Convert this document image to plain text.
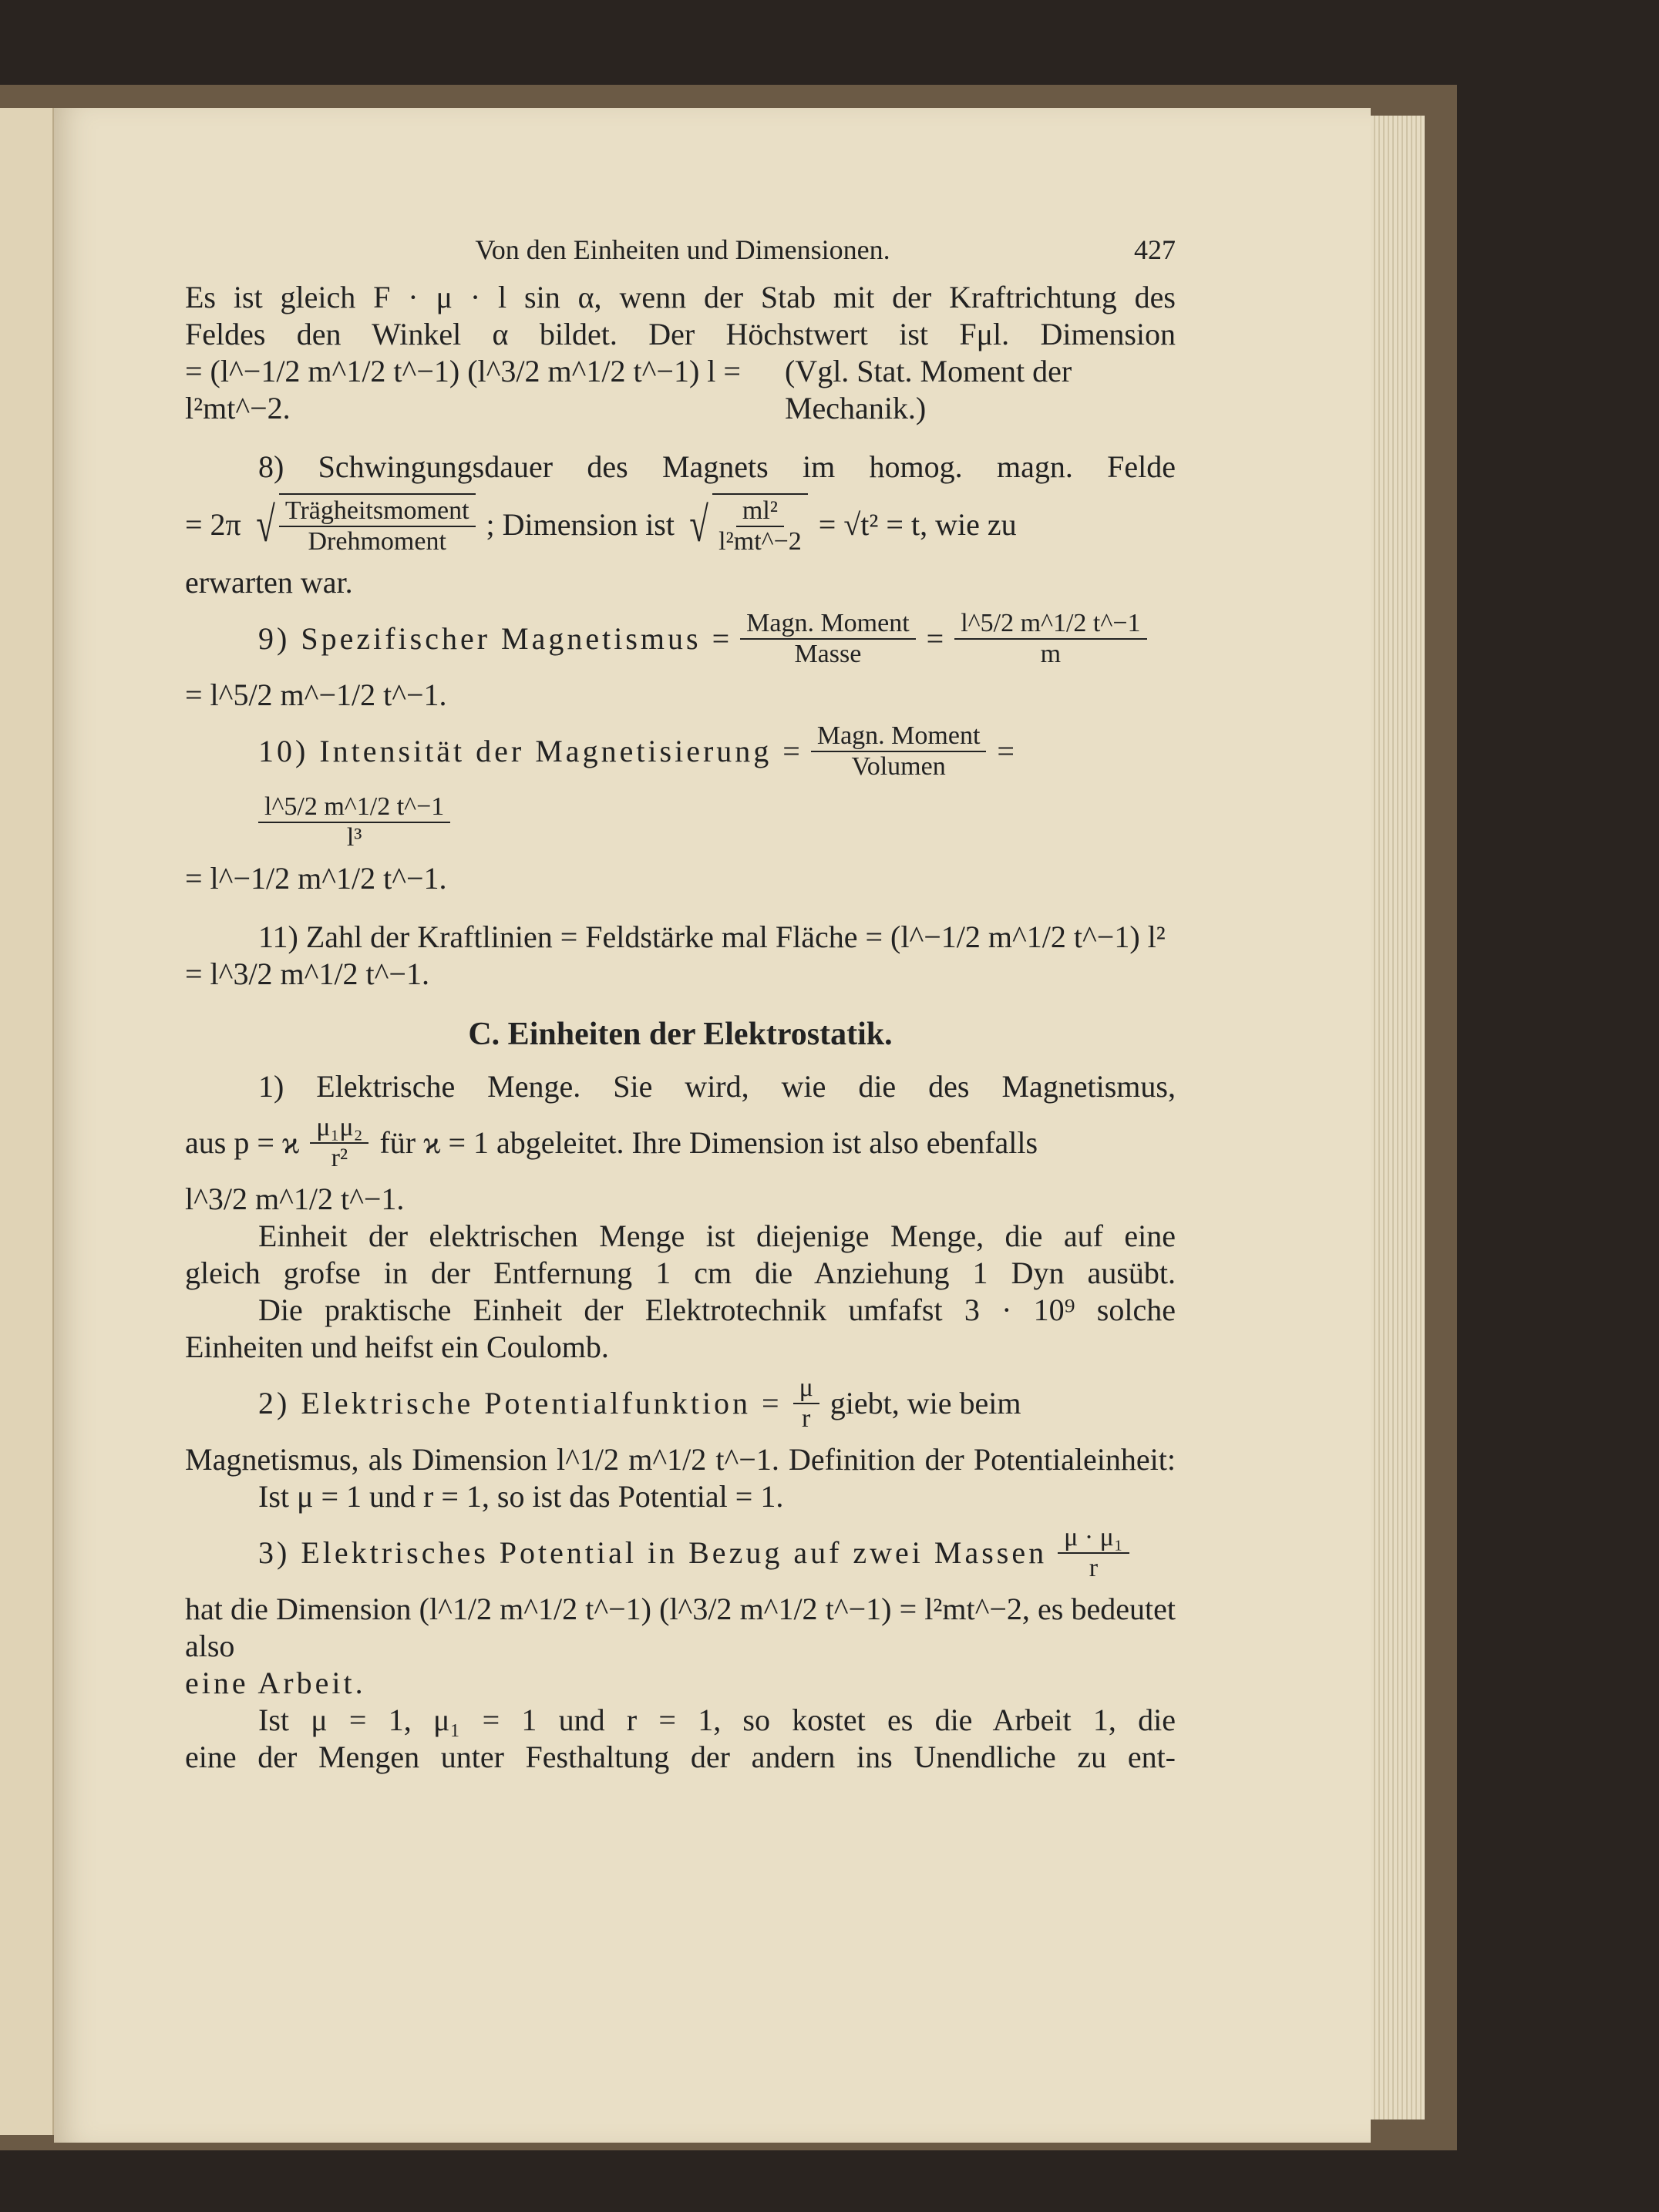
Von den Einheiten und Dimensionen.	427

Es ist gleich F · μ · l sin α, wenn der Stab mit der Kraftrichtung des

Feldes den Winkel α bildet. Der Höchstwert ist Fμl. Dimension

= (l^−1/2 m^1/2 t^−1) (l^3/2 m^1/2 t^−1) l = l²mt^−2.
(Vgl. Stat. Moment der Mechanik.)

8) Schwingungsdauer des Magnets im homog. magn. Felde

= 2π √ $\frac{\text{Trägheitsmoment}}{\text{Drehmoment}}$ ; Dimension ist √ $\frac{\text{ml²}}{\text{l²mt\textasciicircum{}−2}} = √t^2 = t$, wie zu

erwarten war.

9) Spezifischer Magnetismus = $\frac{\text{Magn. Moment}}{\text{Masse}} = \frac{l\^{}5/2 m\^{}1/2 t\^{}-1}{m}$

= l^5/2 m^−1/2 t^−1.

10) Intensität der Magnetisierung = $\frac{\text{Magn. Moment}}{\text{Volumen}}$ =
$\frac{l\^{}5/2 m\^{}1/2 t\^{}-1}{\text{l³}}$

= l^−1/2 m^1/2 t^−1.

11) Zahl der Kraftlinien = Feldstärke mal Fläche = (l^−1/2 m^1/2 t^−1) l²

= l^3/2 m^1/2 t^−1.

C. Einheiten der Elektrostatik.

1) Elektrische Menge. Sie wird, wie die des Magnetismus,

aus p = ϰ $\frac{\text{μ₁μ₂}}{\text{r²}}$ für ϰ = 1 abgeleitet. Ihre Dimension ist also ebenfalls

l^3/2 m^1/2 t^−1.

Einheit der elektrischen Menge ist diejenige Menge, die auf eine

gleich grofse in der Entfernung 1 cm die Anziehung 1 Dyn ausübt.

Die praktische Einheit der Elektrotechnik umfafst 3 · 10⁹ solche

Einheiten und heifst ein Coulomb.

2) Elektrische Potentialfunktion = $\frac{\mu}{r}$ giebt, wie beim

Magnetismus, als Dimension l^1/2 m^1/2 t^−1. Definition der Potentialeinheit:

Ist μ = 1 und r = 1, so ist das Potential = 1.

3) Elektrisches Potential in Bezug auf zwei Massen $\frac{\text{μ · μ₁}}{r}$

hat die Dimension (l^1/2 m^1/2 t^−1) (l^3/2 m^1/2 t^−1) = l²mt^−2, es bedeutet also

eine Arbeit.

Ist μ = 1, μ₁ = 1 und r = 1, so kostet es die Arbeit 1, die

eine der Mengen unter Festhaltung der andern ins Unendliche zu ent-
